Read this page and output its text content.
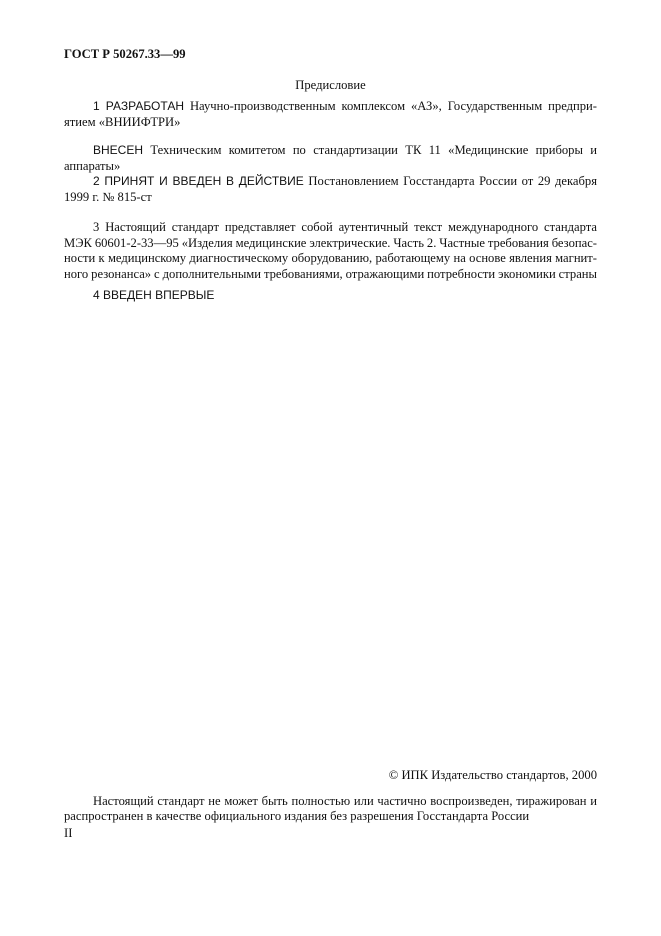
ГОСТ Р 50267.33—99
Предисловие
1 РАЗРАБОТАН Научно-производственным комплексом «АЗ», Государственным предпри-
ятием «ВНИИФТРИ»
ВНЕСЕН Техническим комитетом по стандартизации ТК 11 «Медицинские приборы и
аппараты»
2 ПРИНЯТ И ВВЕДЕН В ДЕЙСТВИЕ Постановлением Госстандарта России от 29 декабря
1999 г. № 815-ст
3 Настоящий стандарт представляет собой аутентичный текст международного стандарта
МЭК 60601-2-33—95 «Изделия медицинские электрические. Часть 2. Частные требования безопас-
ности к медицинскому диагностическому оборудованию, работающему на основе явления магнит-
ного резонанса» с дополнительными требованиями, отражающими потребности экономики страны
4 ВВЕДЕН ВПЕРВЫЕ
© ИПК Издательство стандартов, 2000
Настоящий стандарт не может быть полностью или частично воспроизведен, тиражирован и
распространен в качестве официального издания без разрешения Госстандарта России
II
